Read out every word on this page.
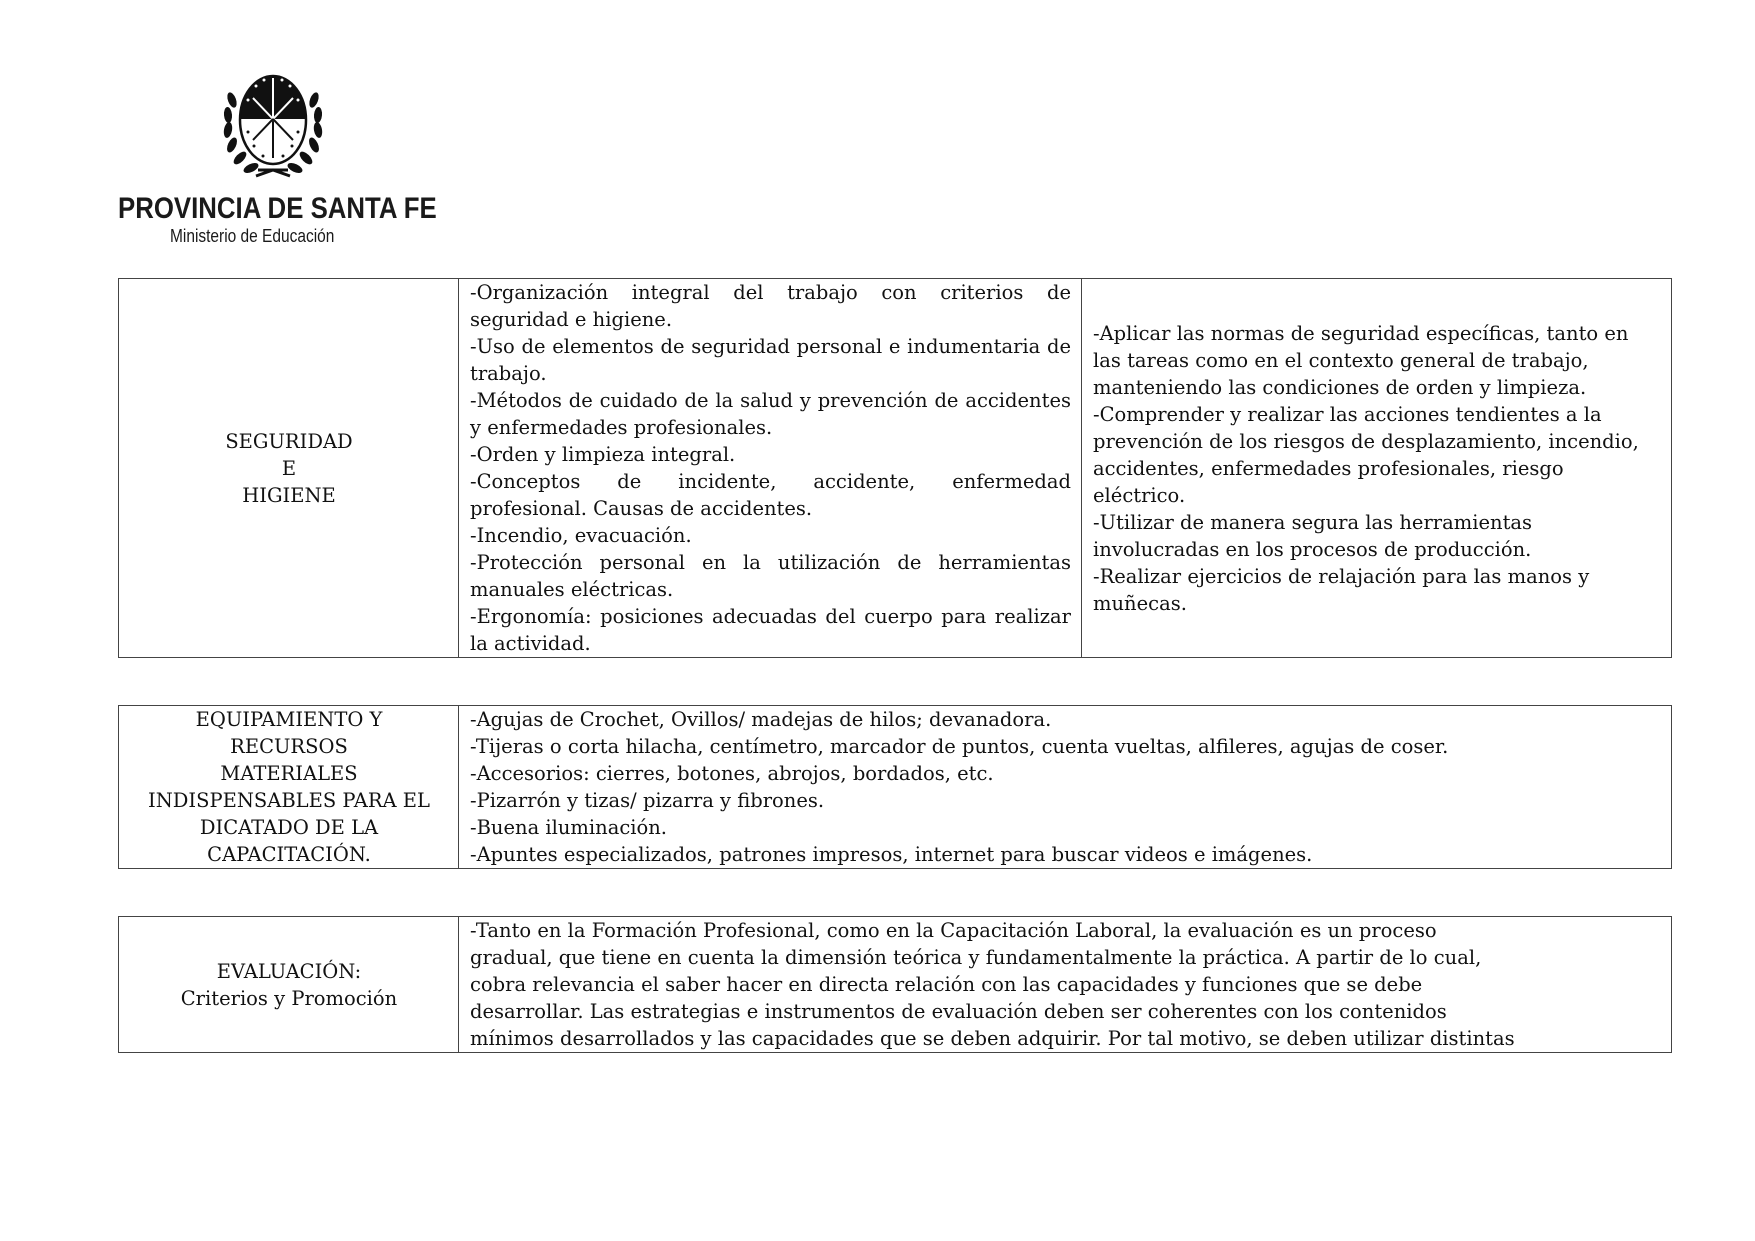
PROVINCIA DE SANTA FE
Ministerio de Educación
SEGURIDAD
E
HIGIENE

-Organización integral del trabajo con criterios de seguridad e higiene.
-Uso de elementos de seguridad personal e indumentaria de trabajo.
-Métodos de cuidado de la salud y prevención de accidentes y enfermedades profesionales.
-Orden y limpieza integral.
-Conceptos de incidente, accidente, enfermedad profesional. Causas de accidentes.
-Incendio, evacuación.
-Protección personal en la utilización de herramientas manuales eléctricas.
-Ergonomía: posiciones adecuadas del cuerpo para realizar la actividad.

-Aplicar las normas de seguridad específicas, tanto en las tareas como en el contexto general de trabajo, manteniendo las condiciones de orden y limpieza.
-Comprender y realizar las acciones tendientes a la prevención de los riesgos de desplazamiento, incendio, accidentes, enfermedades profesionales, riesgo eléctrico.
-Utilizar de manera segura las herramientas involucradas en los procesos de producción.
-Realizar ejercicios de relajación para las manos y muñecas.
EQUIPAMIENTO Y
RECURSOS
MATERIALES
INDISPENSABLES PARA EL
DICATADO DE LA
CAPACITACIÓN.

-Agujas de Crochet, Ovillos/ madejas de hilos; devanadora.
-Tijeras o corta hilacha, centímetro, marcador de puntos, cuenta vueltas, alfileres, agujas de coser.
-Accesorios: cierres, botones, abrojos, bordados, etc.
-Pizarrón y tizas/ pizarra y fibrones.
-Buena iluminación.
-Apuntes especializados, patrones impresos, internet para buscar videos e imágenes.
EVALUACIÓN:
Criterios y Promoción

-Tanto en la Formación Profesional, como en la Capacitación Laboral, la evaluación es un proceso
gradual, que tiene en cuenta la dimensión teórica y fundamentalmente la práctica. A partir de lo cual,
cobra relevancia el saber hacer en directa relación con las capacidades y funciones que se debe
desarrollar. Las estrategias e instrumentos de evaluación deben ser coherentes con los contenidos
mínimos desarrollados y las capacidades que se deben adquirir. Por tal motivo, se deben utilizar distintas
